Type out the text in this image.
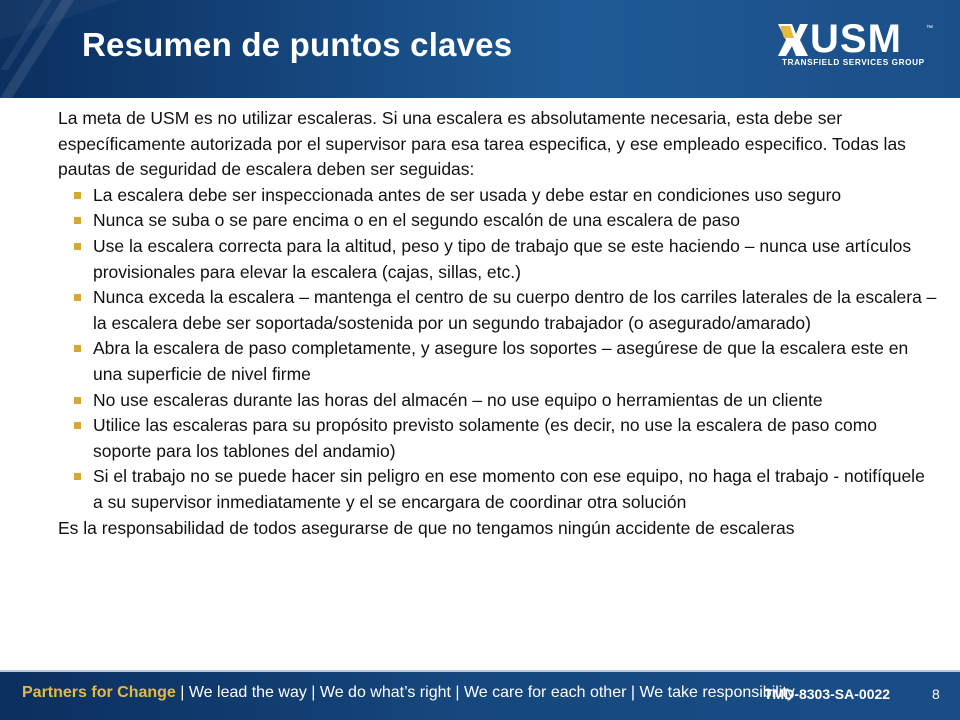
Resumen de puntos claves	USM	™
TRANSFIELD SERVICES GROUP

La meta de USM es no utilizar escaleras. Si una escalera es absolutamente necesaria, esta debe ser específicamente autorizada por el supervisor para esa tarea especifica, y ese empleado especifico. Todas las pautas de seguridad de escalera deben ser seguidas:

La escalera debe ser inspeccionada antes de ser usada y debe estar en condiciones uso seguro
Nunca se suba o se pare encima o en el segundo escalón de una escalera de paso
Use la escalera correcta para la altitud, peso y tipo de trabajo que se este haciendo – nunca use artículos provisionales para elevar la escalera (cajas, sillas, etc.)
Nunca exceda la escalera – mantenga el centro de su cuerpo dentro de los carriles laterales de la escalera – la escalera debe ser soportada/sostenida por un segundo trabajador (o asegurado/amarado)
Abra la escalera de paso completamente, y asegure los soportes – asegúrese de que la escalera este en una superficie de nivel firme
No use escaleras durante las horas del almacén – no use equipo o herramientas de un cliente
Utilice las escaleras para su propósito previsto solamente (es decir, no use la escalera de paso como soporte para los tablones del andamio)
Si el trabajo no se puede hacer sin peligro en ese momento con ese equipo, no haga el trabajo - notifíquele a su supervisor inmediatamente y el se encargara de coordinar otra solución

Es la responsabilidad de todos asegurarse de que no tengamos ningún accidente de escaleras

Partners for Change | We lead the way | We do what’s right | We care for each other | We take responsibility
TMD-8303-SA-0022	8
